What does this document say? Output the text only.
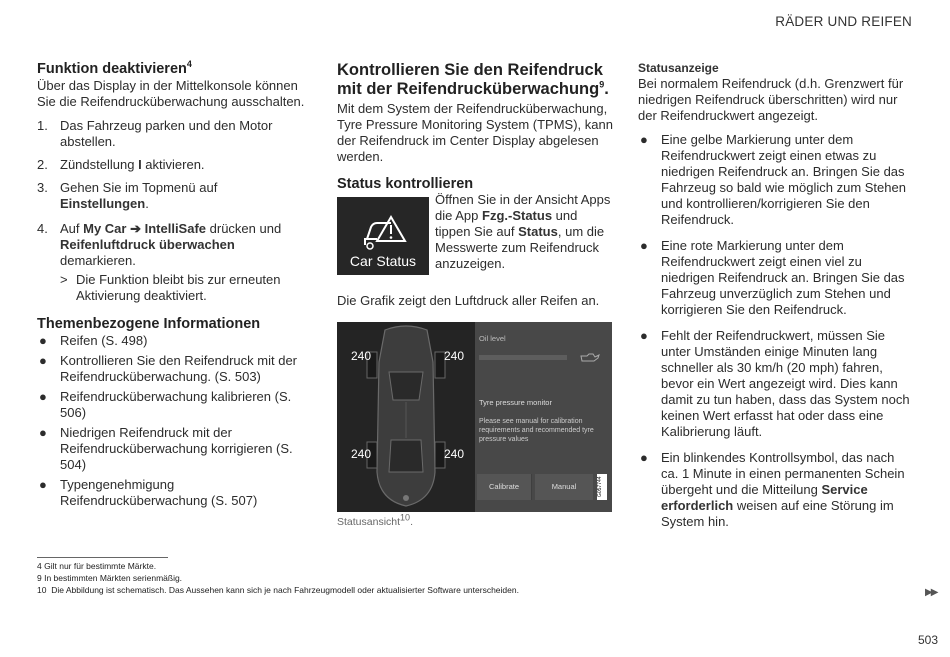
RÄDER UND REIFEN
Funktion deaktivieren$^4$

Über das Display in der Mittelkonsole können Sie die Reifendrucküberwachung ausschalten.

1. Das Fahrzeug parken und den Motor abstellen.
2. Zündstellung I aktivieren.
3. Gehen Sie im Topmenü auf Einstellungen.
4. Auf My Car ➔ IntelliSafe drücken und Reifenluftdruck überwachen demarkieren.
> Die Funktion bleibt bis zur erneuten Aktivierung deaktiviert.
Themenbezogene Informationen
● Reifen (S. 498)
● Kontrollieren Sie den Reifendruck mit der Reifendrucküberwachung. (S. 503)
● Reifendrucküberwachung kalibrieren (S. 506)
● Niedrigen Reifendruck mit der Reifendrucküberwachung korrigieren (S. 504)
● Typengenehmigung Reifendrucküberwachung (S. 507)
Kontrollieren Sie den Reifendruck mit der Reifendrucküberwachung$^9$.

Mit dem System der Reifendrucküberwachung, Tyre Pressure Monitoring System (TPMS), kann der Reifendruck im Center Display abgelesen werden.

Status kontrollieren
Car Status

Öffnen Sie in der Ansicht Apps die App Fzg.-Status und tippen Sie auf Status, um die Messwerte zum Reifendruck anzuzeigen.

Die Grafik zeigt den Luftdruck aller Reifen an.

240	240
240	240
Oil level
Tyre pressure monitor
Please see manual for calibration requirements and recommended tyre pressure values
Calibrate	Manual	G057744
Statusansicht$^{10}$.
Statusanzeige

Bei normalem Reifendruck (d.h. Grenzwert für niedrigen Reifendruck überschritten) wird nur der Reifendruckwert angezeigt.

● Eine gelbe Markierung unter dem Reifendruckwert zeigt einen etwas zu niedrigen Reifendruck an. Bringen Sie das Fahrzeug so bald wie möglich zum Stehen und kontrollieren/korrigieren Sie den Reifendruck.
● Eine rote Markierung unter dem Reifendruckwert zeigt einen viel zu niedrigen Reifendruck an. Bringen Sie das Fahrzeug unverzüglich zum Stehen und korrigieren Sie den Reifendruck.
● Fehlt der Reifendruckwert, müssen Sie unter Umständen einige Minuten lang schneller als 30 km/h (20 mph) fahren, bevor ein Wert angezeigt wird. Dies kann damit zu tun haben, dass das System noch keinen Wert erfasst hat oder dass eine Kalibrierung läuft.
● Ein blinkendes Kontrollsymbol, das nach ca. 1 Minute in einen permanenten Schein übergeht und die Mitteilung Service erforderlich weisen auf eine Störung im System hin.
4 Gilt nur für bestimmte Märkte.
9 In bestimmten Märkten serienmäßig.
10 Die Abbildung ist schematisch. Das Aussehen kann sich je nach Fahrzeugmodell oder aktualisierter Software unterscheiden.	▶▶
503
